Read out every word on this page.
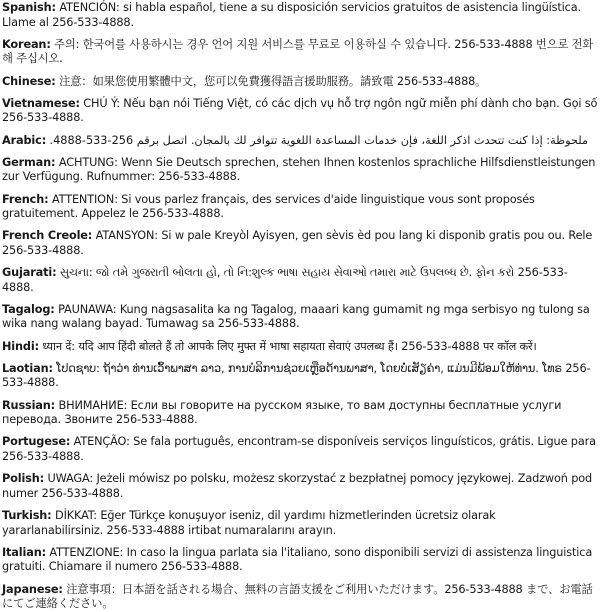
Spanish: ATENCIÓN: si habla español, tiene a su disposición servicios gratuitos de asistencia lingüística. Llame al 256-533-4888.

Korean: 주의: 한국어를 사용하시는 경우 언어 지원 서비스를 무료로 이용하실 수 있습니다. 256-533-4888 번으로 전화해 주십시오.

Chinese: 注意：如果您使用繁體中文，您可以免費獲得語言援助服務。請致電 256-533-4888。

Vietnamese: CHÚ Ý: Nếu bạn nói Tiếng Việt, có các dịch vụ hỗ trợ ngôn ngữ miễn phí dành cho bạn. Gọi số 256-533-4888.

Arabic: ملحوظة: إذا كنت تتحدث اذكر اللغة، فإن خدمات المساعدة اللغوية تتوافر لك بالمجان. اتصل برقم 256-533-4888.

German: ACHTUNG: Wenn Sie Deutsch sprechen, stehen Ihnen kostenlos sprachliche Hilfsdienstleistungen zur Verfügung. Rufnummer: 256-533-4888.

French: ATTENTION: Si vous parlez français, des services d'aide linguistique vous sont proposés gratuitement. Appelez le 256-533-4888.

French Creole: ATANSYON: Si w pale Kreyòl Ayisyen, gen sèvis èd pou lang ki disponib gratis pou ou. Rele 256-533-4888.

Gujarati: સુચના: જો તમે ગુજરાતી બોલતા હો, તો નિ:શુલ્ક ભાષા સહાય સેવાઓ તમારા માટે ઉપલબ્ધ છે. ફોન કરો 256-533-4888.

Tagalog: PAUNAWA: Kung nagsasalita ka ng Tagalog, maaari kang gumamit ng mga serbisyo ng tulong sa wika nang walang bayad. Tumawag sa 256-533-4888.

Hindi: ध्यान दें: यदि आप हिंदी बोलते हैं तो आपके लिए मुफ्त में भाषा सहायता सेवाएं उपलब्ध हैं। 256-533-4888 पर कॉल करें।

Laotian: ໂປດຊາບ: ຖ້າວ່າ ທ່ານເວົ້າພາສາ ລາວ, ການບໍລິການຊ່ວຍເຫຼືອດ້ານພາສາ, ໂດຍບໍ່ເສັຽຄ່າ, ແມ່ນມີພ້ອມໃຫ້ທ່ານ. ໂທຣ 256-533-4888.

Russian: ВНИМАНИЕ: Если вы говорите на русском языке, то вам доступны бесплатные услуги перевода. Звоните 256-533-4888.

Portugese: ATENÇÃO: Se fala português, encontram-se disponíveis serviços linguísticos, grátis. Ligue para 256-533-4888.

Polish: UWAGA: Jeżeli mówisz po polsku, możesz skorzystać z bezpłatnej pomocy językowej. Zadzwoń pod numer 256-533-4888.

Turkish: DİKKAT: Eğer Türkçe konuşuyor iseniz, dil yardımı hizmetlerinden ücretsiz olarak yararlanabilirsiniz. 256-533-4888 irtibat numaralarını arayın.

Italian: ATTENZIONE: In caso la lingua parlata sia l'italiano, sono disponibili servizi di assistenza linguistica gratuiti. Chiamare il numero 256-533-4888.

Japanese: 注意事項：日本語を話される場合、無料の言語支援をご利用いただけます。256-533-4888 まで、お電話にてご連絡ください。
